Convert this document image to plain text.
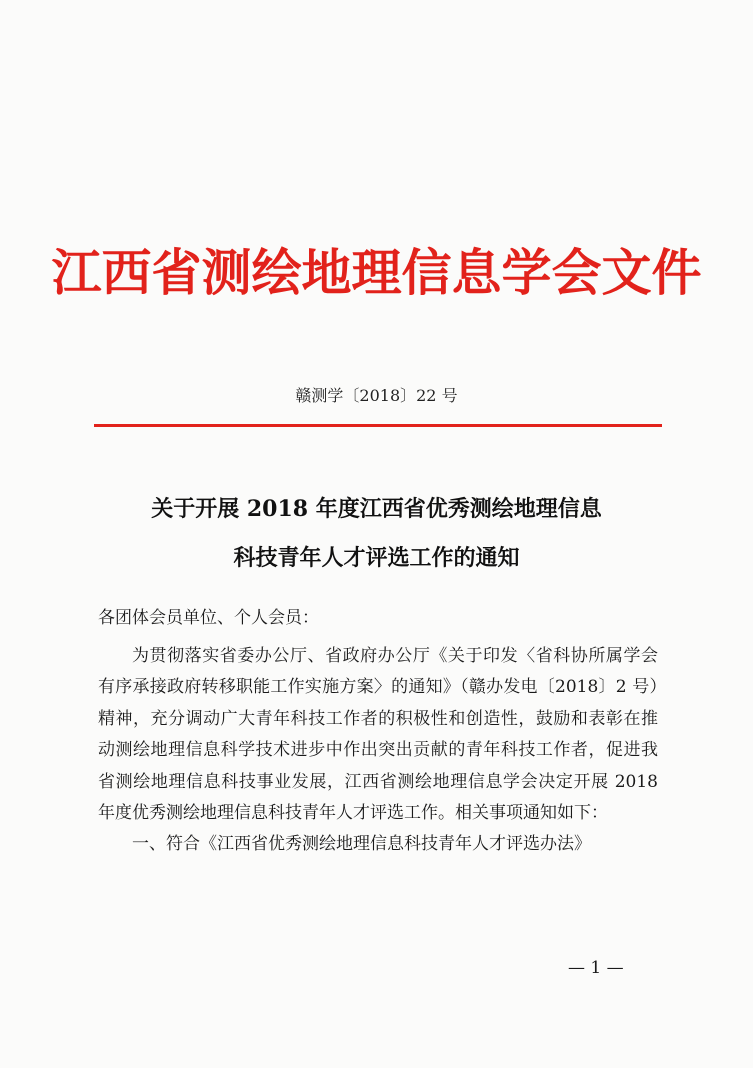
江西省测绘地理信息学会文件
赣测学〔2018〕22 号
关于开展 2018 年度江西省优秀测绘地理信息
科技青年人才评选工作的通知
各团体会员单位、个人会员：

为贯彻落实省委办公厅、省政府办公厅《关于印发〈省科协所属学会有序承接政府转移职能工作实施方案〉的通知》（赣办发电〔2018〕2 号）精神，充分调动广大青年科技工作者的积极性和创造性，鼓励和表彰在推动测绘地理信息科学技术进步中作出突出贡献的青年科技工作者，促进我省测绘地理信息科技事业发展，江西省测绘地理信息学会决定开展 2018 年度优秀测绘地理信息科技青年人才评选工作。相关事项通知如下：

一、符合《江西省优秀测绘地理信息科技青年人才评选办法》

— 1 —
